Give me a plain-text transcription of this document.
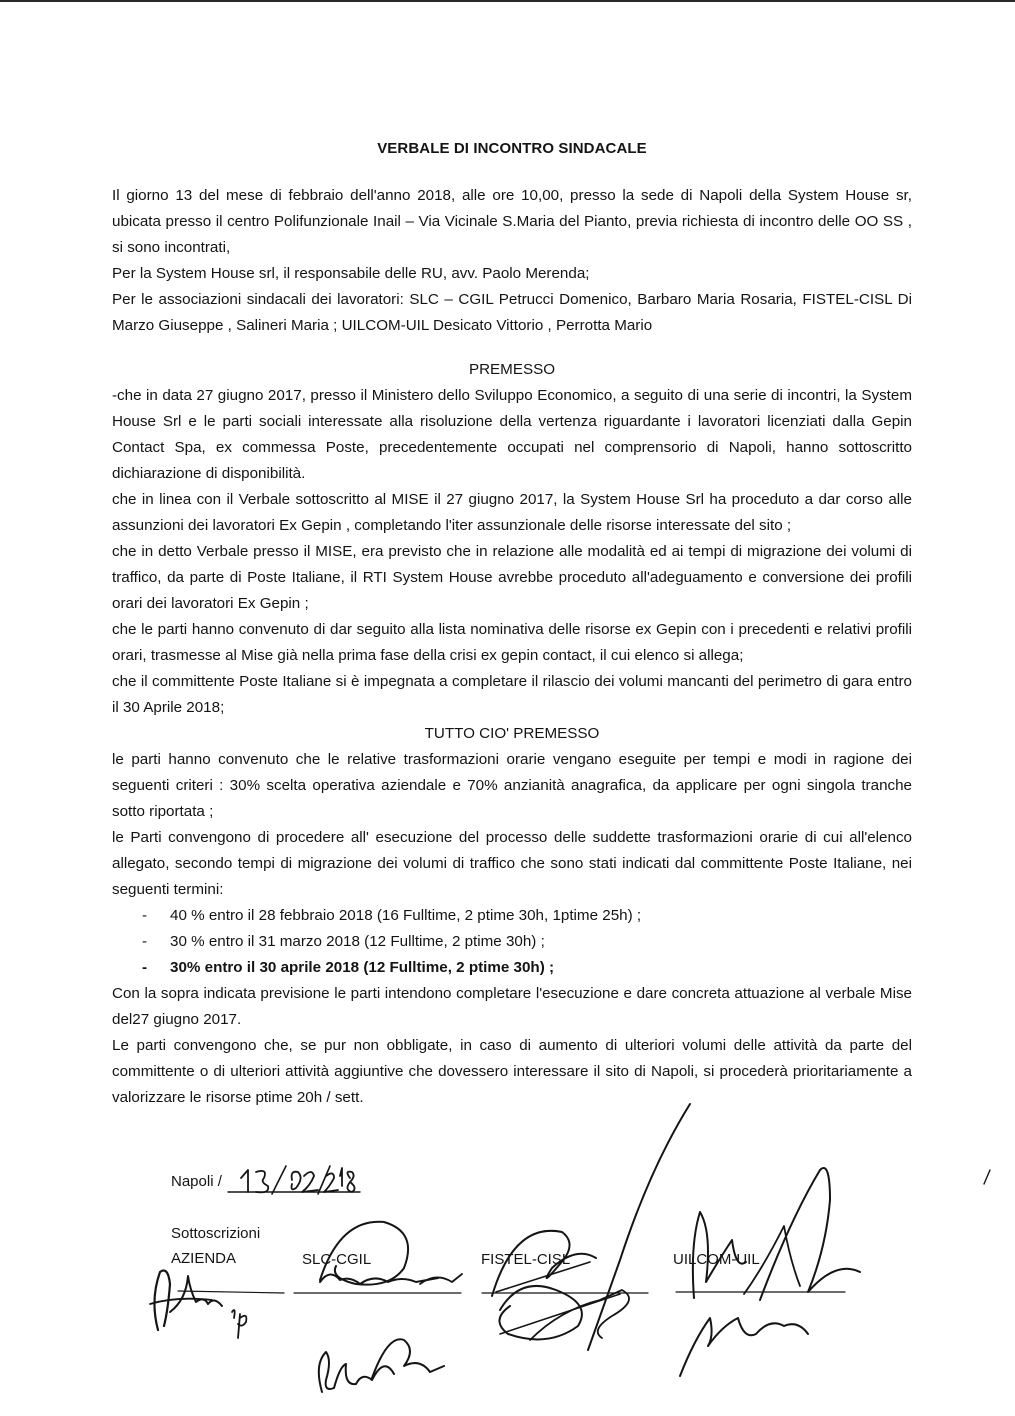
VERBALE DI INCONTRO SINDACALE

Il giorno 13 del mese di febbraio dell'anno 2018, alle ore 10,00, presso la sede di Napoli della System House sr, ubicata presso il centro Polifunzionale Inail – Via Vicinale S.Maria del Pianto, previa richiesta di incontro delle OO SS , si sono incontrati,

Per la System House srl, il responsabile delle RU, avv. Paolo Merenda;

Per le associazioni sindacali dei lavoratori: SLC – CGIL Petrucci Domenico, Barbaro Maria Rosaria, FISTEL-CISL Di Marzo Giuseppe , Salineri Maria ; UILCOM-UIL Desicato Vittorio , Perrotta Mario

PREMESSO

-che in data 27 giugno 2017, presso il Ministero dello Sviluppo Economico, a seguito di una serie di incontri, la System House Srl e le parti sociali interessate alla risoluzione della vertenza riguardante i lavoratori licenziati dalla Gepin Contact Spa, ex commessa Poste, precedentemente occupati nel comprensorio di Napoli, hanno sottoscritto dichiarazione di disponibilità.

che in linea con il Verbale sottoscritto al MISE il 27 giugno 2017, la System House Srl ha proceduto a dar corso alle assunzioni dei lavoratori Ex Gepin , completando l'iter assunzionale delle risorse interessate del sito ;

che in detto Verbale presso il MISE, era previsto che in relazione alle modalità ed ai tempi di migrazione dei volumi di traffico, da parte di Poste Italiane, il RTI System House avrebbe proceduto all'adeguamento e conversione dei profili orari dei lavoratori Ex Gepin ;

che le parti hanno convenuto di dar seguito alla lista nominativa delle risorse ex Gepin con i precedenti e relativi profili orari, trasmesse al Mise già nella prima fase della crisi ex gepin contact, il cui elenco si allega;

che il committente Poste Italiane si è impegnata a completare il rilascio dei volumi mancanti del perimetro di gara entro il 30 Aprile 2018;

TUTTO CIO' PREMESSO

le parti hanno convenuto che le relative trasformazioni orarie vengano eseguite per tempi e modi in ragione dei seguenti criteri : 30% scelta operativa aziendale e 70% anzianità anagrafica, da applicare per ogni singola tranche sotto riportata ;

le Parti convengono di procedere all' esecuzione del processo delle suddette trasformazioni orarie di cui all'elenco allegato, secondo tempi di migrazione dei volumi di traffico che sono stati indicati dal committente Poste Italiane, nei seguenti termini:

- 40 % entro il 28 febbraio 2018 (16 Fulltime, 2 ptime 30h, 1ptime 25h) ;
- 30 % entro il 31 marzo 2018 (12 Fulltime, 2 ptime 30h) ;
- 30% entro il 30 aprile 2018 (12 Fulltime, 2 ptime 30h) ;

Con la sopra indicata previsione le parti intendono completare l'esecuzione e dare concreta attuazione al verbale Mise del27 giugno 2017.

Le parti convengono che, se pur non obbligate, in caso di aumento di ulteriori volumi delle attività da parte del committente o di ulteriori attività aggiuntive che dovessero interessare il sito di Napoli, si procederà prioritariamente a valorizzare le risorse ptime 20h / sett.

Napoli /
Sottoscrizioni
AZIENDA	SLC-CGIL	FISTEL-CISL	UILCOM-UIL
